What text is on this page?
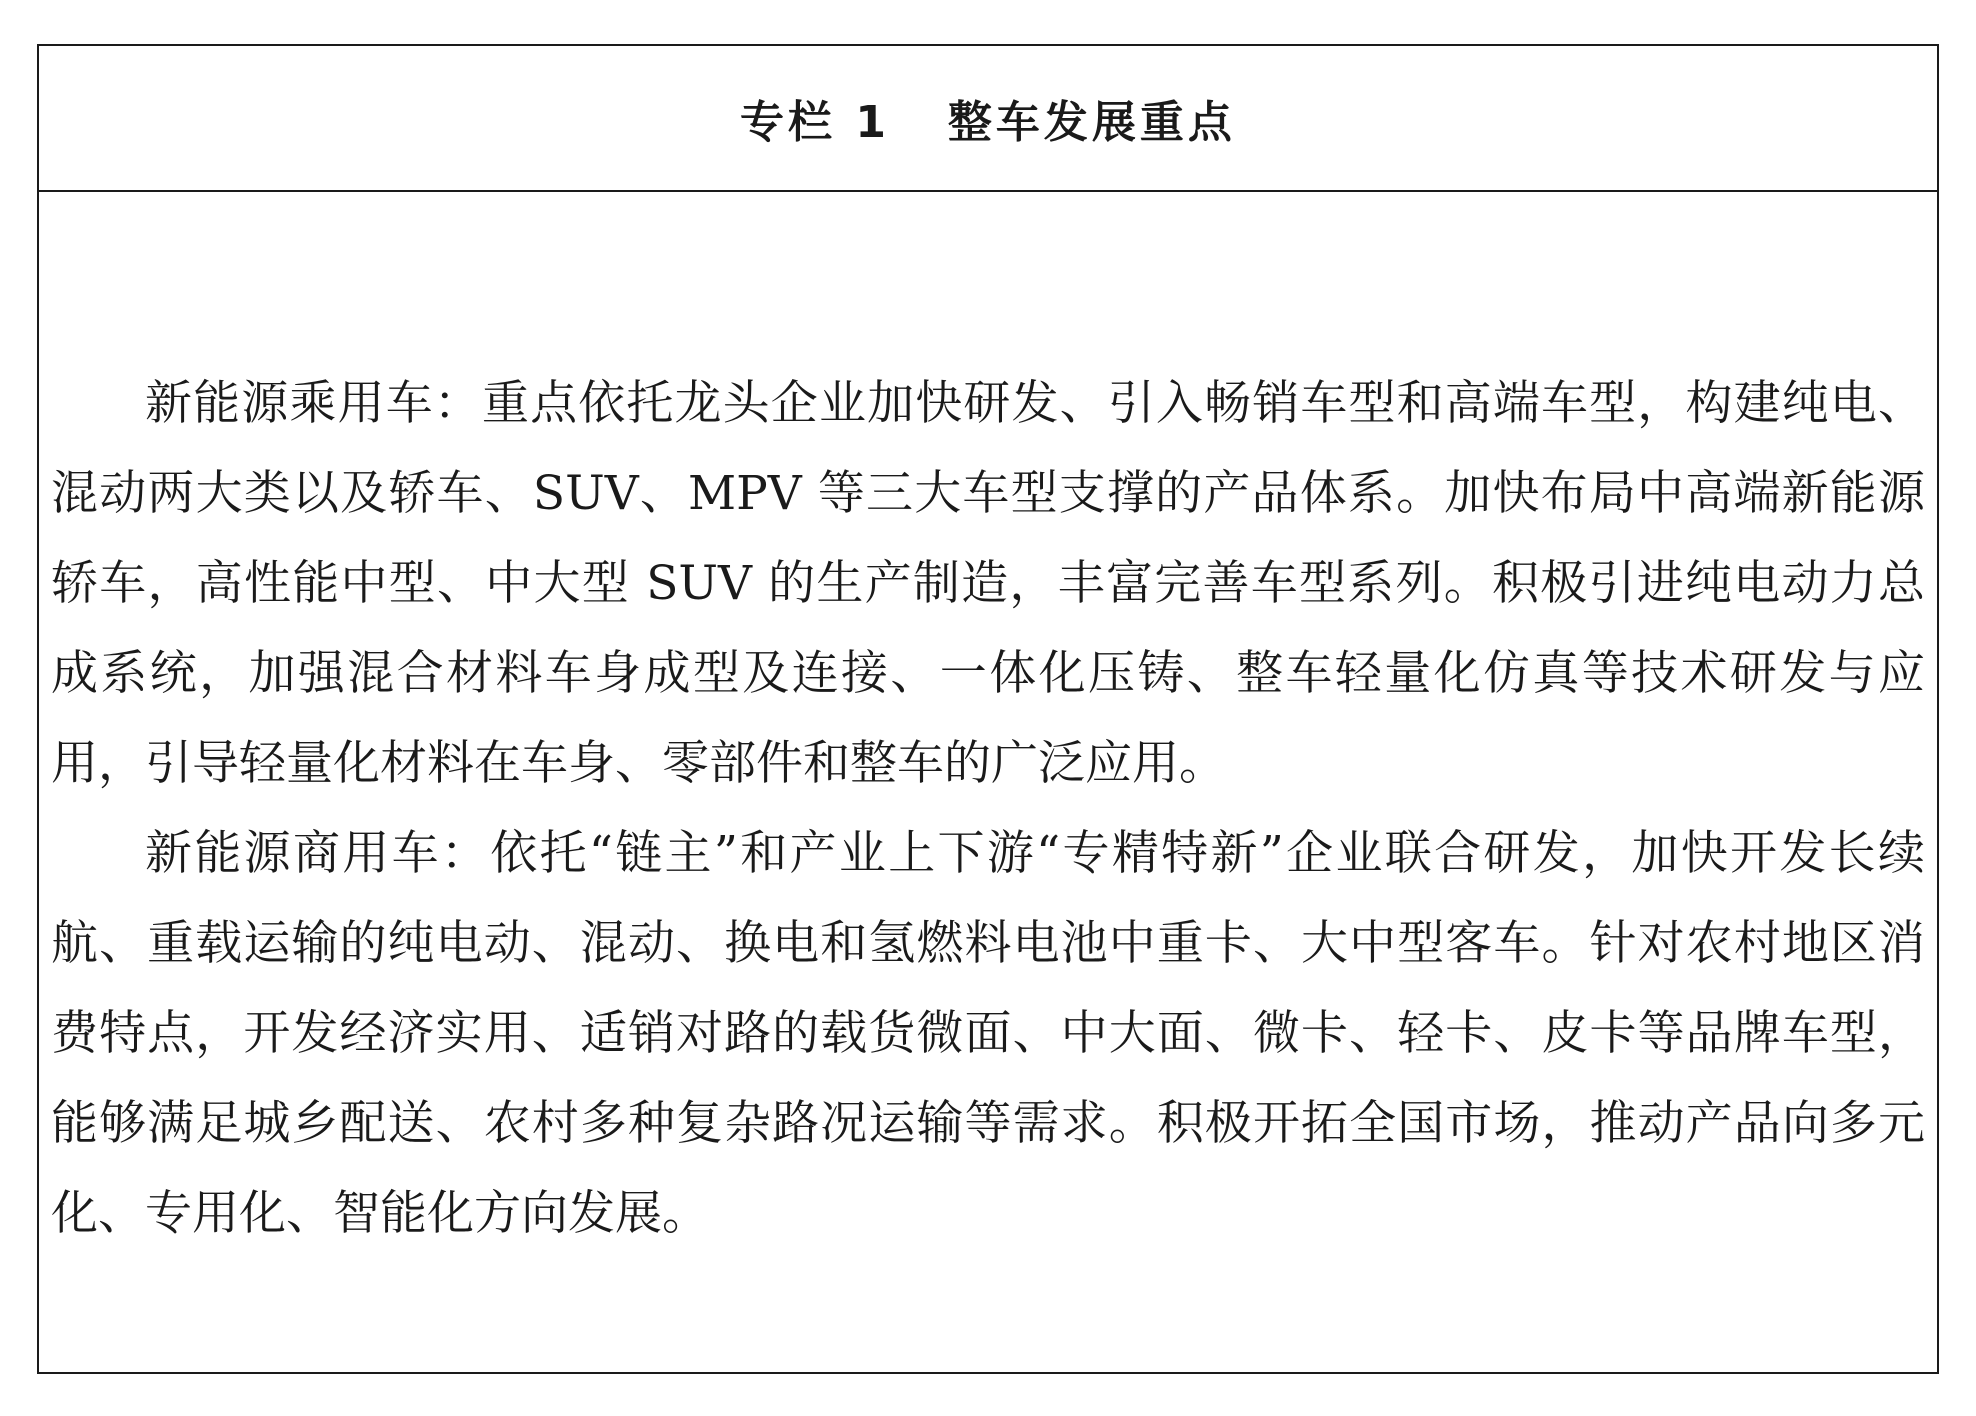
专栏 1   整车发展重点

新能源乘用车：重点依托龙头企业加快研发、引入畅销车型和高端车型，构建纯电、混动两大类以及轿车、SUV、MPV 等三大车型支撑的产品体系。加快布局中高端新能源轿车，高性能中型、中大型 SUV 的生产制造，丰富完善车型系列。积极引进纯电动力总成系统，加强混合材料车身成型及连接、一体化压铸、整车轻量化仿真等技术研发与应用，引导轻量化材料在车身、零部件和整车的广泛应用。

新能源商用车：依托“链主”和产业上下游“专精特新”企业联合研发，加快开发长续航、重载运输的纯电动、混动、换电和氢燃料电池中重卡、大中型客车。针对农村地区消费特点，开发经济实用、适销对路的载货微面、中大面、微卡、轻卡、皮卡等品牌车型，能够满足城乡配送、农村多种复杂路况运输等需求。积极开拓全国市场，推动产品向多元化、专用化、智能化方向发展。
